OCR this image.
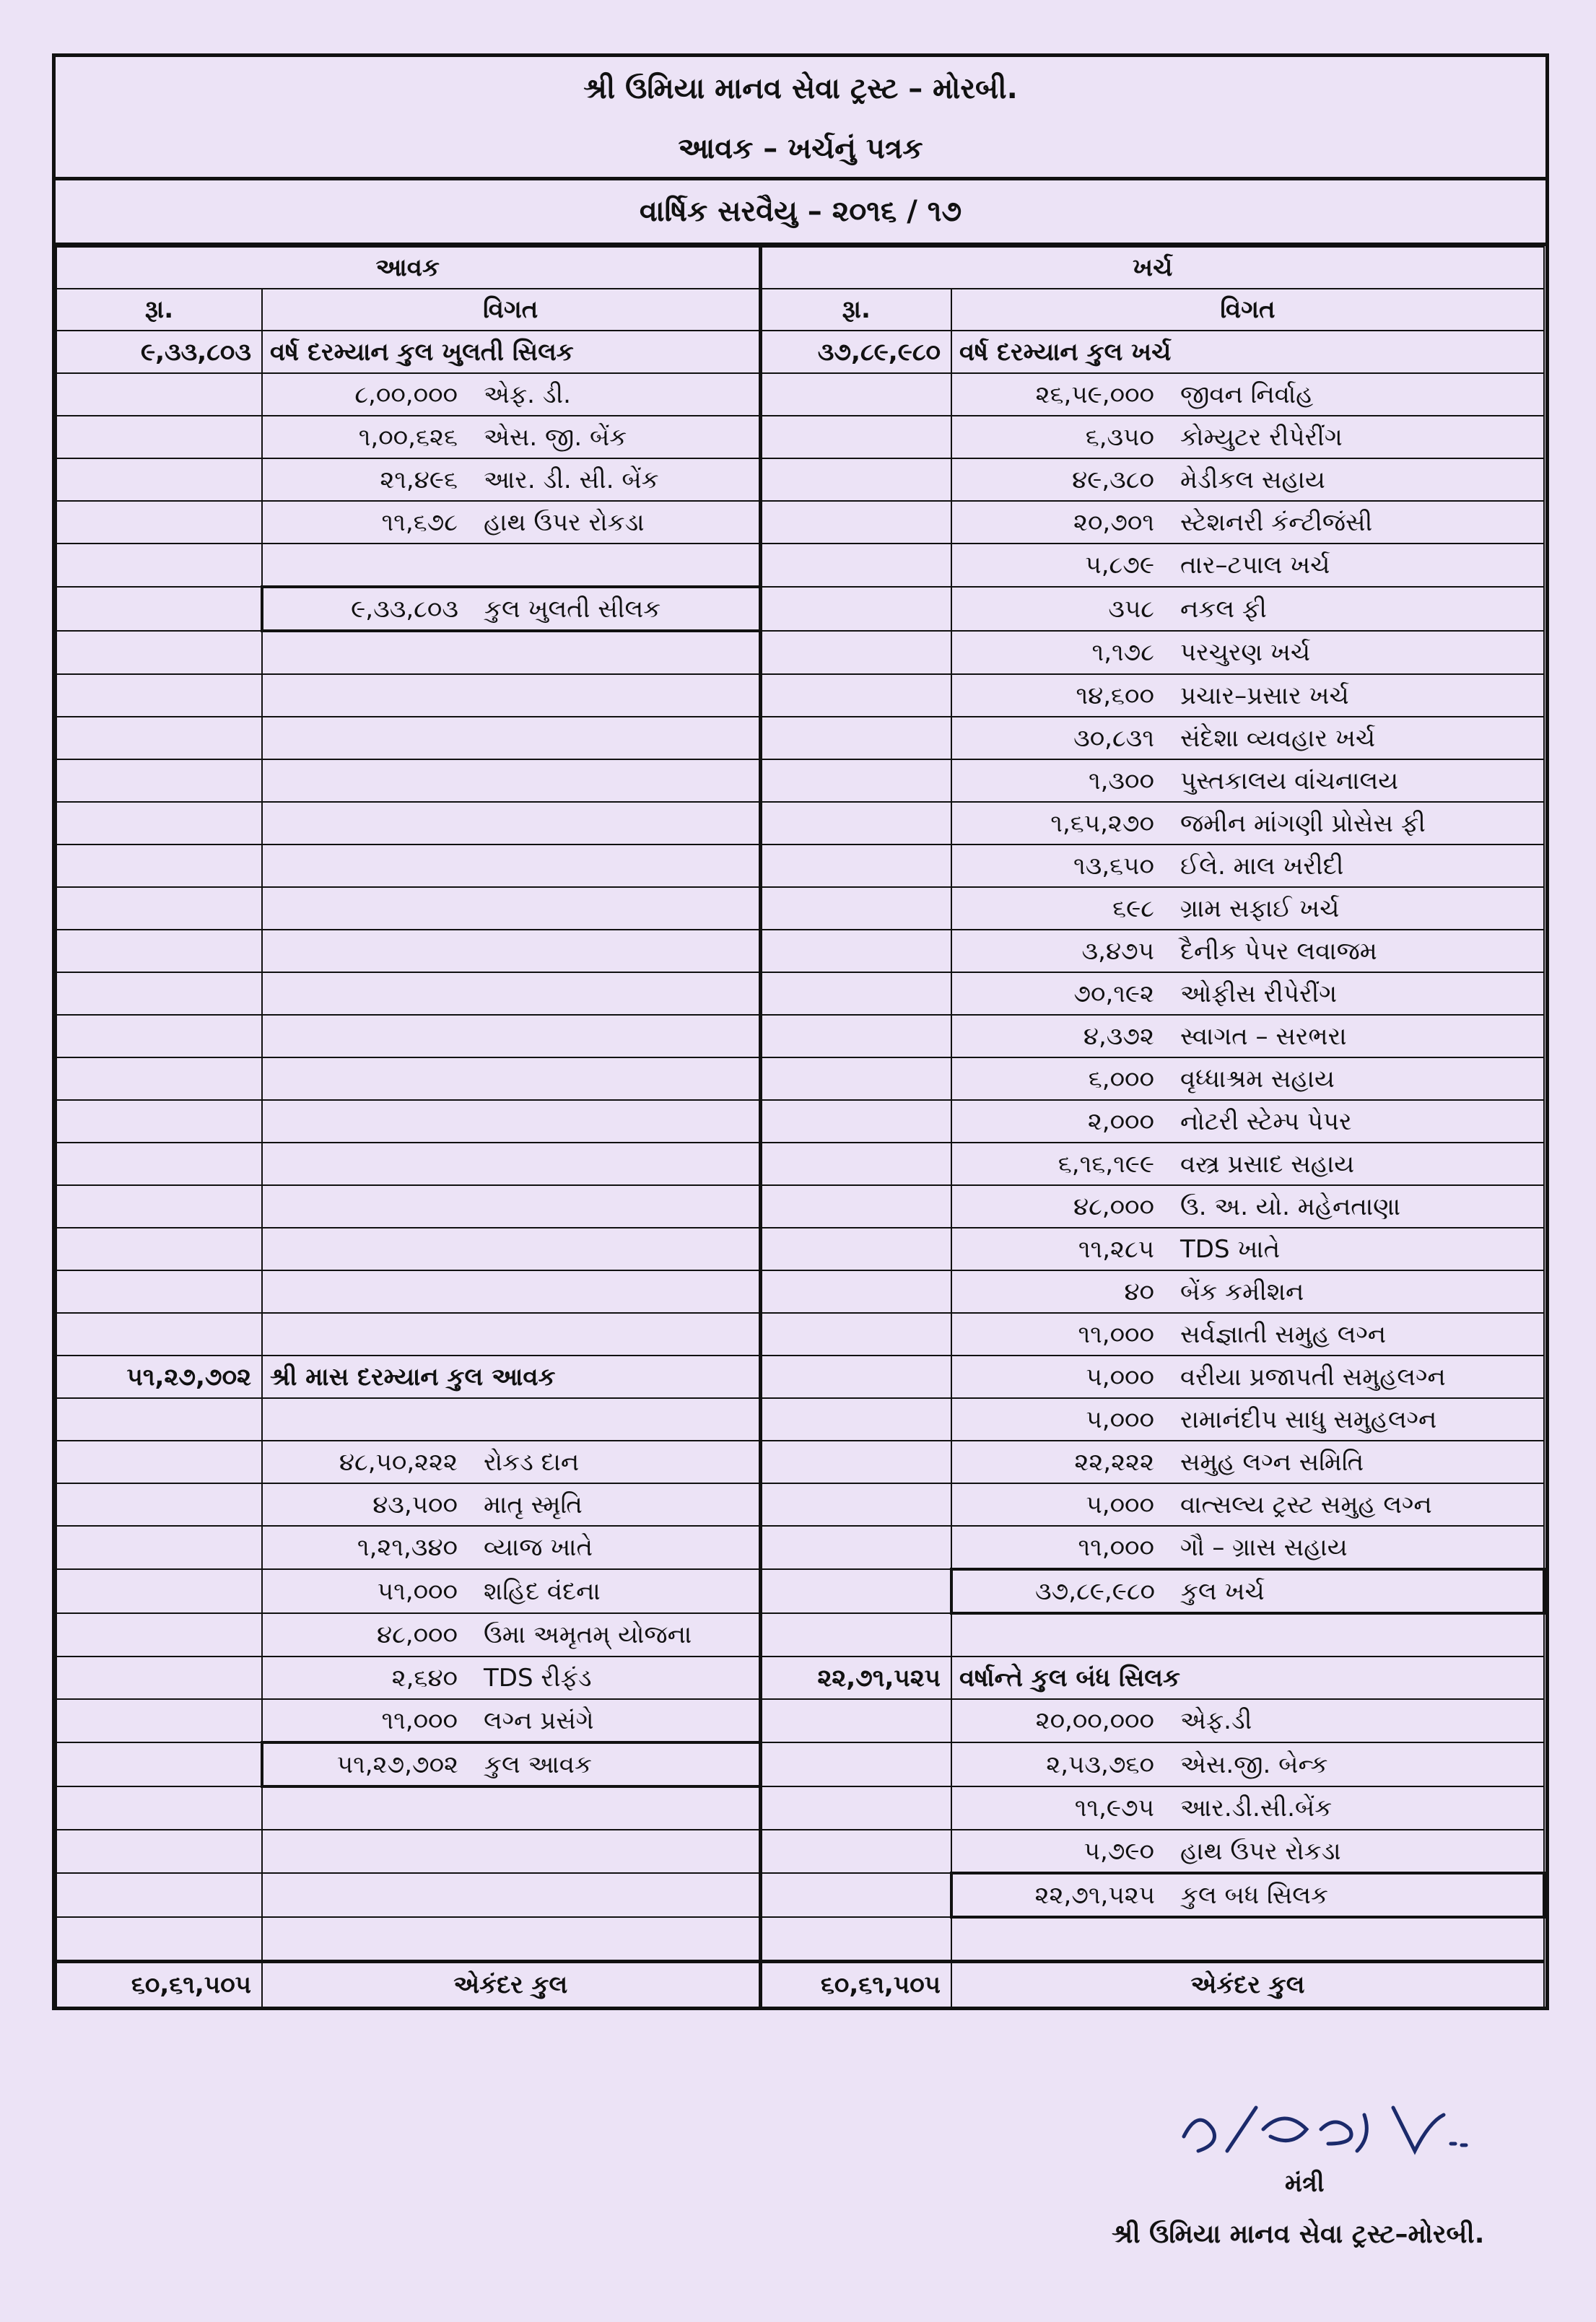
શ્રી ઉમિયા માનવ સેવા ટ્રસ્ટ – મોરબી.
આવક – ખર્ચનું પત્રક
વાર્ષિક સરવૈયુ – ૨૦૧૬ / ૧૭
આવક		ખર્ચ	
રૂા.	વિગત	રૂા.	વિગત
૯,૩૩,૮૦૩	વર્ષ દરમ્યાન કુલ ખુલતી સિલક	૩૭,૮૯,૯૮૦	વર્ષ દરમ્યાન કુલ ખર્ચ
	૮,૦૦,૦૦૦ એફ. ડી.		૨૬,૫૯,૦૦૦ જીવન નિર્વાહ
	૧,૦૦,૬૨૬ એસ. જી. બેંક		૬,૩૫૦ કોમ્યુટર રીપેરીંગ
	૨૧,૪૯૬ આર. ડી. સી. બેંક		૪૯,૩૮૦ મેડીકલ સહાય
	૧૧,૬૭૮ હાથ ઉપર રોકડા		૨૦,૭૦૧ સ્ટેશનરી કંન્ટીજંસી
			૫,૮૭૯ તાર–ટપાલ ખર્ચ
	૯,૩૩,૮૦૩ કુલ ખુલતી સીલક		૩૫૮ નકલ ફી
			૧,૧૭૮ પરચુરણ ખર્ચ
			૧૪,૬૦૦ પ્રચાર–પ્રસાર ખર્ચ
			૩૦,૮૩૧ સંદેશા વ્યવહાર ખર્ચ
			૧,૩૦૦ પુસ્તકાલય વાંચનાલય
			૧,૬૫,૨૭૦ જમીન માંગણી પ્રોસેસ ફી
			૧૩,૬૫૦ ઈલે. માલ ખરીદી
			૬૯૮ ગ્રામ સફાઈ ખર્ચ
			૩,૪૭૫ દૈનીક પેપર લવાજમ
			૭૦,૧૯૨ ઓફીસ રીપેરીંગ
			૪,૩૭૨ સ્વાગત – સરભરા
			૬,૦૦૦ વૃધ્ધાશ્રમ સહાય
			૨,૦૦૦ નોટરી સ્ટેમ્પ પેપર
			૬,૧૬,૧૯૯ વસ્ત્ર પ્રસાદ સહાય
			૪૮,૦૦૦ ઉ. અ. યો. મહેનતાણા
			૧૧,૨૮૫ TDS ખાતે
			૪૦ બેંક કમીશન
			૧૧,૦૦૦ સર્વજ્ઞાતી સમુહ લગ્ન
૫૧,૨૭,૭૦૨	શ્રી માસ દરમ્યાન કુલ આવક		૫,૦૦૦ વરીયા પ્રજાપતી સમુહલગ્ન
			૫,૦૦૦ રામાનંદીપ સાધુ સમુહલગ્ન
	૪૮,૫૦,૨૨૨ રોકડ દાન		૨૨,૨૨૨ સમુહ લગ્ન સમિતિ
	૪૩,૫૦૦ માતૃ સ્મૃતિ		૫,૦૦૦ વાત્સલ્ય ટ્રસ્ટ સમુહ લગ્ન
	૧,૨૧,૩૪૦ વ્યાજ ખાતે		૧૧,૦૦૦ ગૌ – ગ્રાસ સહાય
	૫૧,૦૦૦ શહિદ વંદના		૩૭,૮૯,૯૮૦ કુલ ખર્ચ
	૪૮,૦૦૦ ઉમા અમૃતમ્ યોજના		
	૨,૬૪૦ TDS રીફંડ	૨૨,૭૧,૫૨૫	વર્ષાન્તે કુલ બંધ સિલક
	૧૧,૦૦૦ લગ્ન પ્રસંગે		૨૦,૦૦,૦૦૦ એફ.ડી
	૫૧,૨૭,૭૦૨ કુલ આવક		૨,૫૩,૭૬૦ એસ.જી. બેન્ક
			૧૧,૯૭૫ આર.ડી.સી.બેંક
			૫,૭૯૦ હાથ ઉપર રોકડા
			૨૨,૭૧,૫૨૫ કુલ બધ સિલક

૬૦,૬૧,૫૦૫	એકંદર કુલ	૬૦,૬૧,૫૦૫	એકંદર કુલ
મંત્રી
શ્રી ઉમિયા માનવ સેવા ટ્રસ્ટ–મોરબી.
